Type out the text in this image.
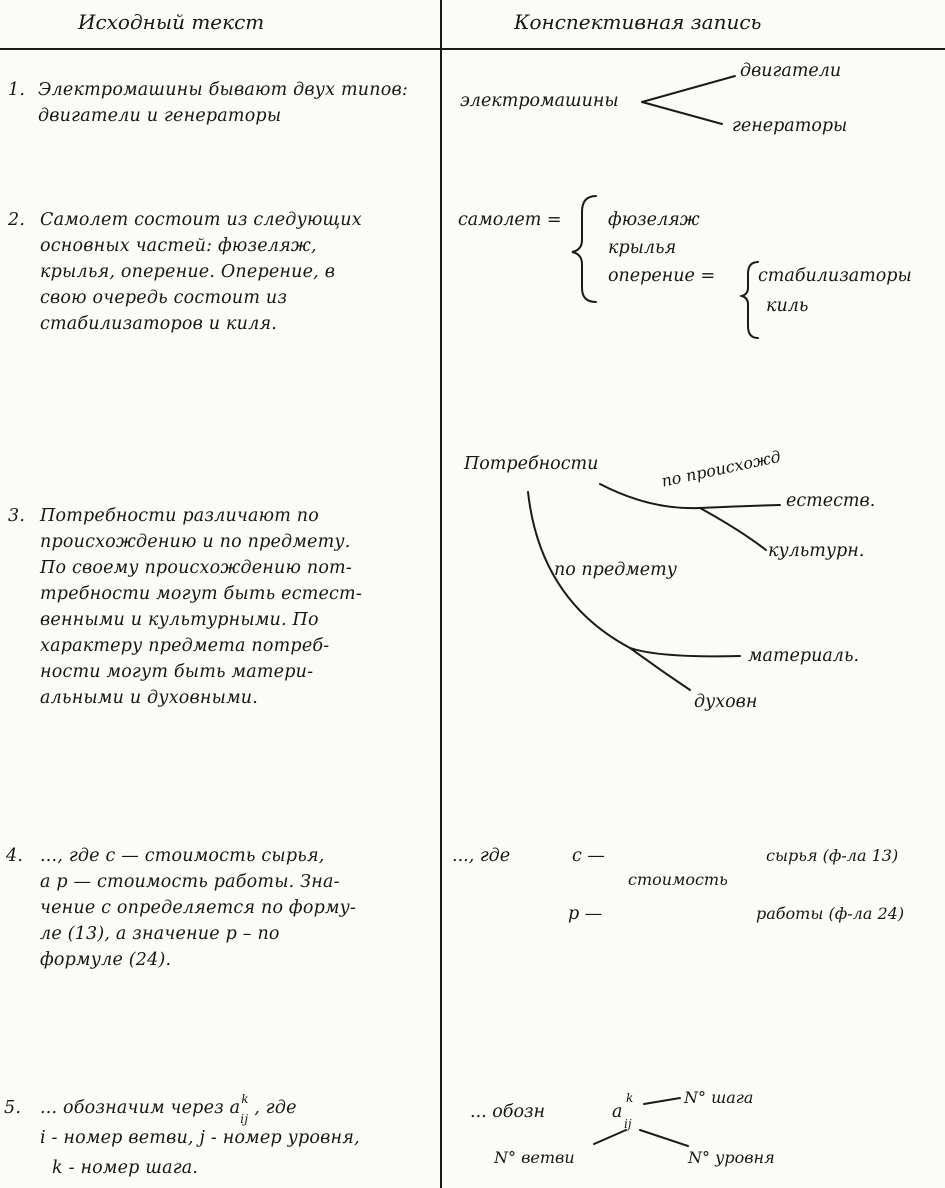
Исходный текст	Конспективная запись
1. Электромашины бывают двух типов:
двигатели и генераторы
электромашины
двигатели
генераторы
2. Самолет состоит из следующих
основных частей: фюзеляж,
крылья, оперение. Оперение, в
свою очередь состоит из
стабилизаторов и киля.
самолет =	фюзеляж
крылья
оперение = стабилизаторы
киль
3. Потребности различают по
происхождению и по предмету.
По своему происхождению пот-
требности могут быть естест-
венными и культурными. По
характеру предмета потреб-
ности могут быть матери-
альными и духовными.
Потребности	по происхожд
естеств.
культурн.
по предмету
материаль.
духовн
4. ..., где c — стоимость сырья,
а p — стоимость работы. Зна-
чение c определяется по форму-
ле (13), а значение p – по
формуле (24).
..., где	c —
стоимость
сырья (ф-ла 13)
p —	работы (ф-ла 24)
5. ... обозначим через a k
ij
, где
i - номер ветви, j - номер уровня,
k - номер шага.
... обозн	a
k
ij
N° шага
N° ветви	N° уровня
